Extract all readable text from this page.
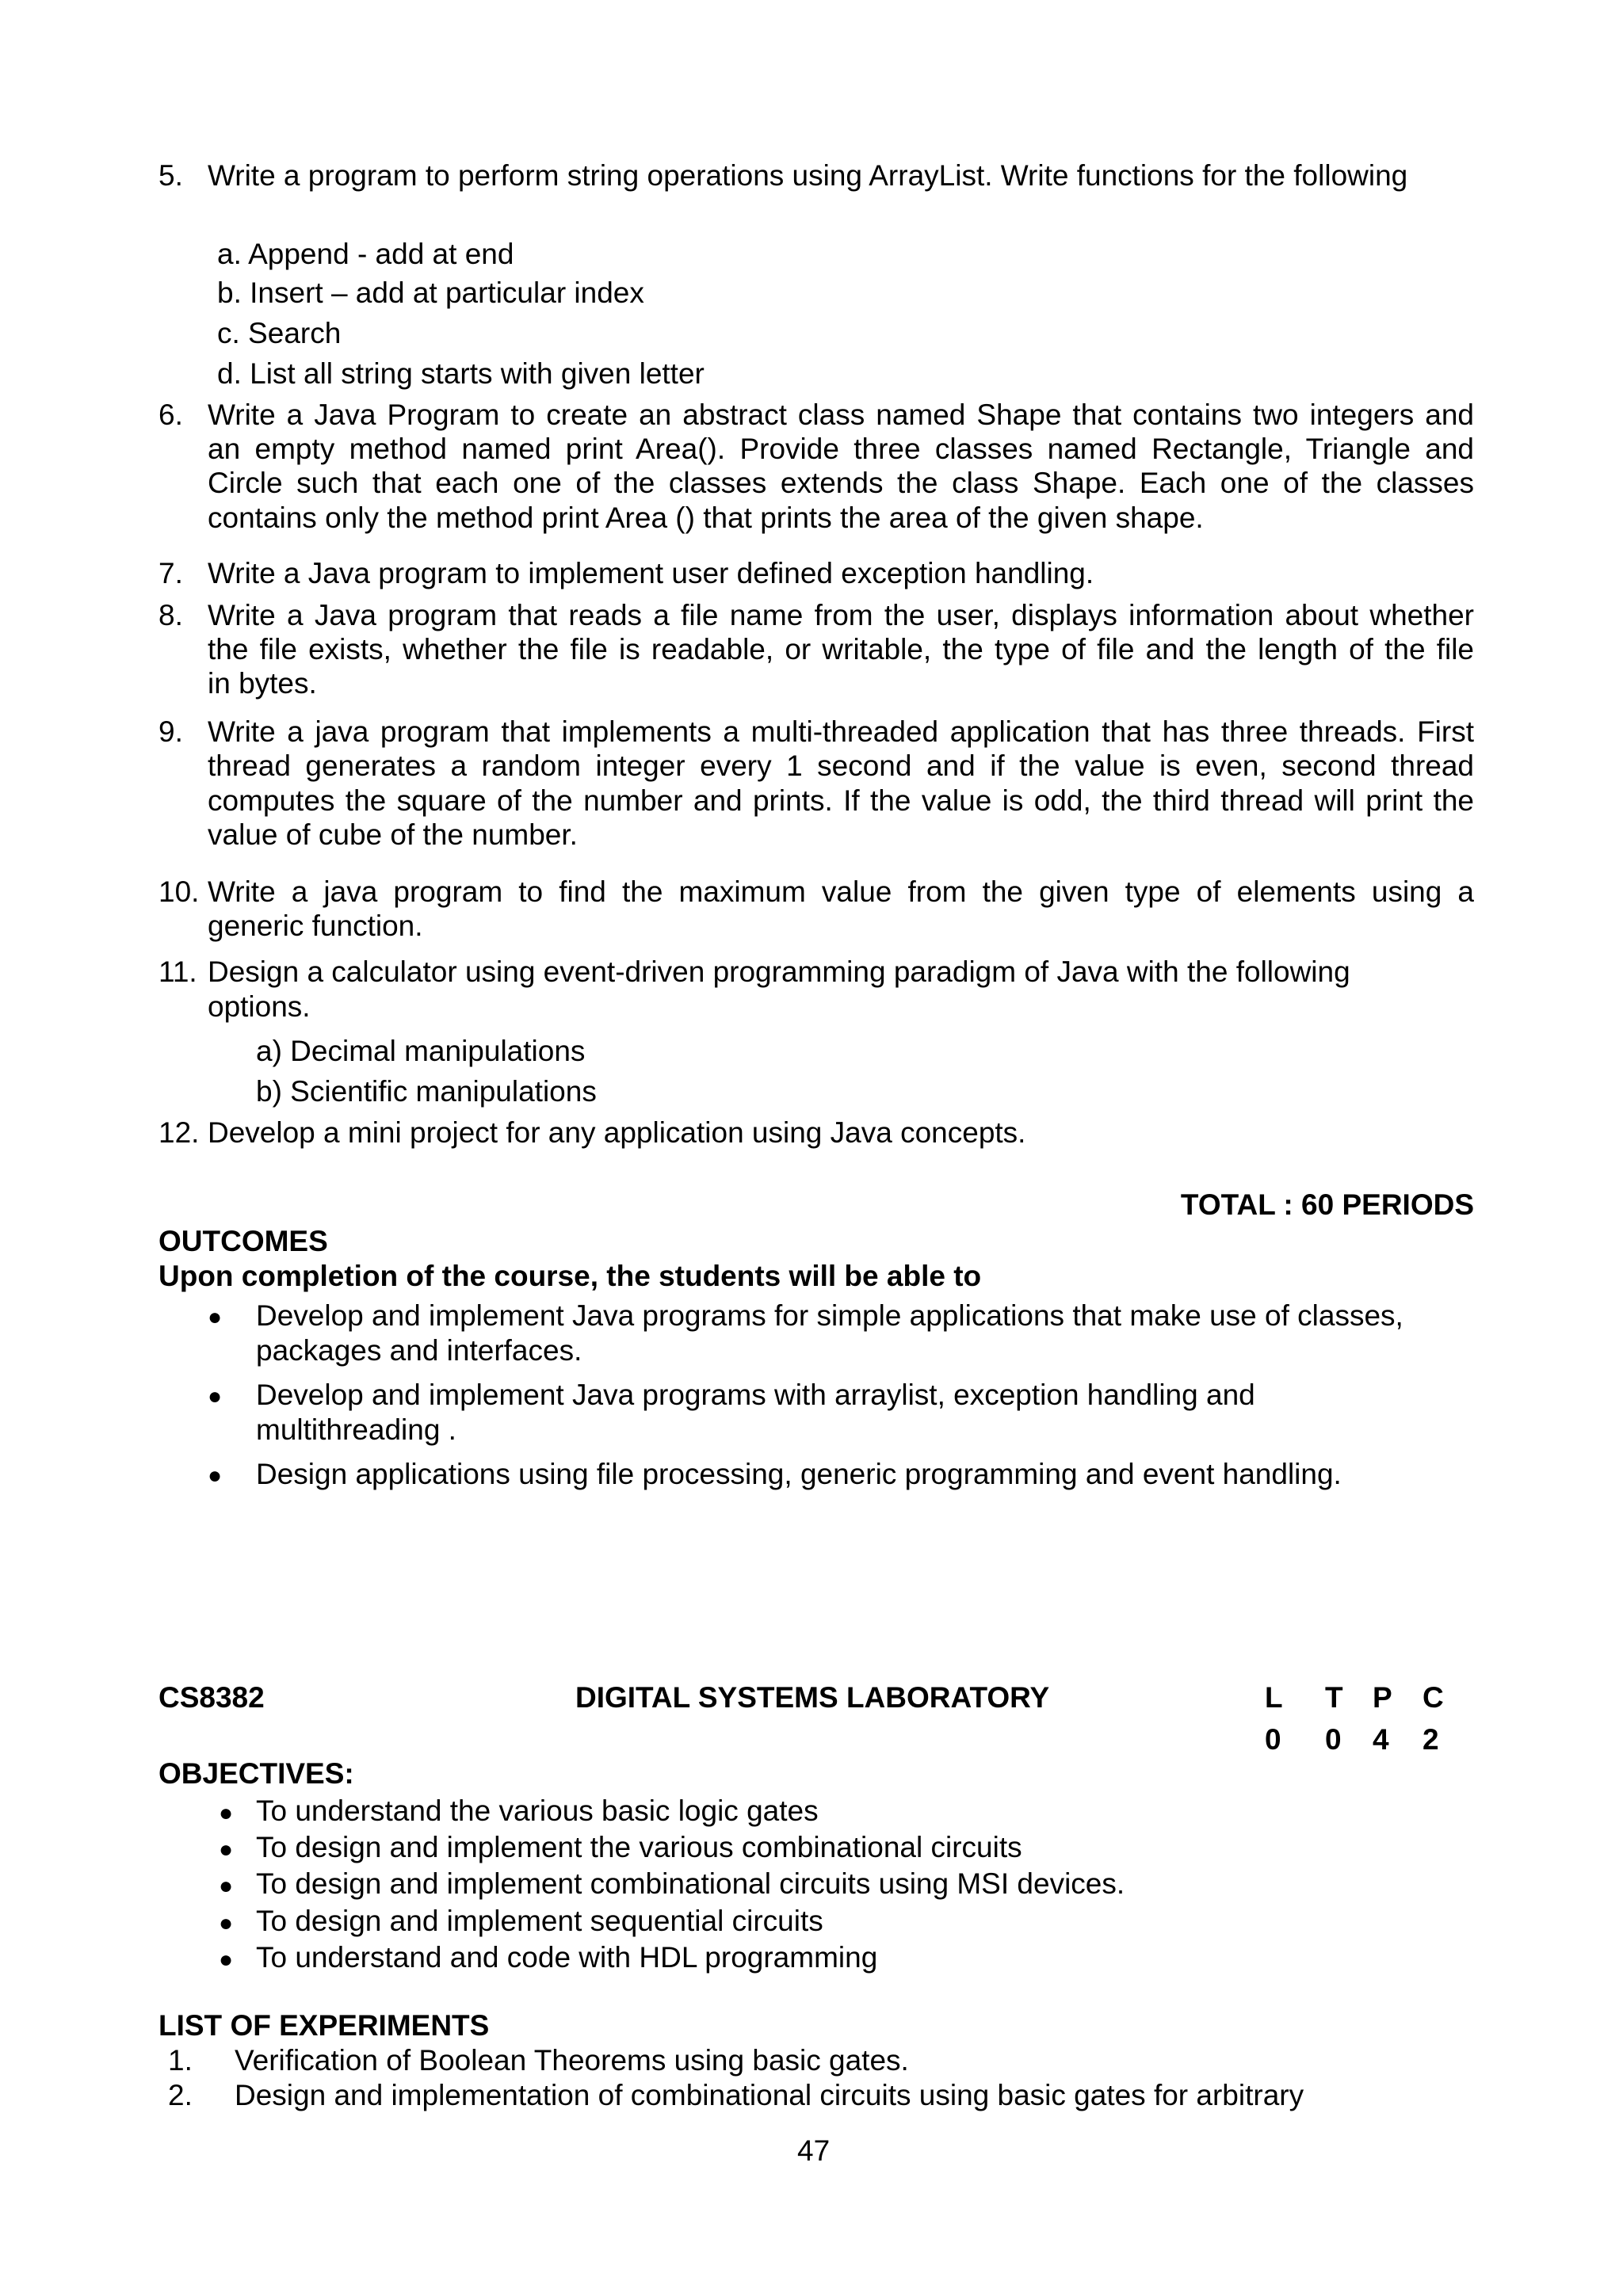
5. Write a program to perform string operations using ArrayList. Write functions for the following
a. Append - add at end
b. Insert – add at particular index
c. Search
d. List all string starts with given letter
6. Write a Java Program to create an abstract class named Shape that contains two integers and
an empty method named print Area(). Provide three classes named Rectangle, Triangle and
Circle such that each one of the classes extends the class Shape. Each one of the classes
contains only the method print Area () that prints the area of the given shape.
7. Write a Java program to implement user defined exception handling.
8. Write a Java program that reads a file name from the user, displays information about whether
the file exists, whether the file is readable, or writable, the type of file and the length of the file
in bytes.
9. Write a java program that implements a multi-threaded application that has three threads. First
thread generates a random integer every 1 second and if the value is even, second thread
computes the square of the number and prints. If the value is odd, the third thread will print the
value of cube of the number.
10. Write a java program to find the maximum value from the given type of elements using a
generic function.
11. Design a calculator using event-driven programming paradigm of Java with the following
options.
a) Decimal manipulations
b) Scientific manipulations
12. Develop a mini project for any application using Java concepts.
TOTAL : 60 PERIODS
OUTCOMES
Upon completion of the course, the students will be able to
● Develop and implement Java programs for simple applications that make use of classes,
packages and interfaces.
● Develop and implement Java programs with arraylist, exception handling and
multithreading .
● Design applications using file processing, generic programming and event handling.
CS8382	DIGITAL SYSTEMS LABORATORY	L T P C
0 0 4 2
OBJECTIVES:
● To understand the various basic logic gates
● To design and implement the various combinational circuits
● To design and implement combinational circuits using MSI devices.
● To design and implement sequential circuits
● To understand and code with HDL programming
LIST OF EXPERIMENTS
1. Verification of Boolean Theorems using basic gates.
2. Design and implementation of combinational circuits using basic gates for arbitrary
47
